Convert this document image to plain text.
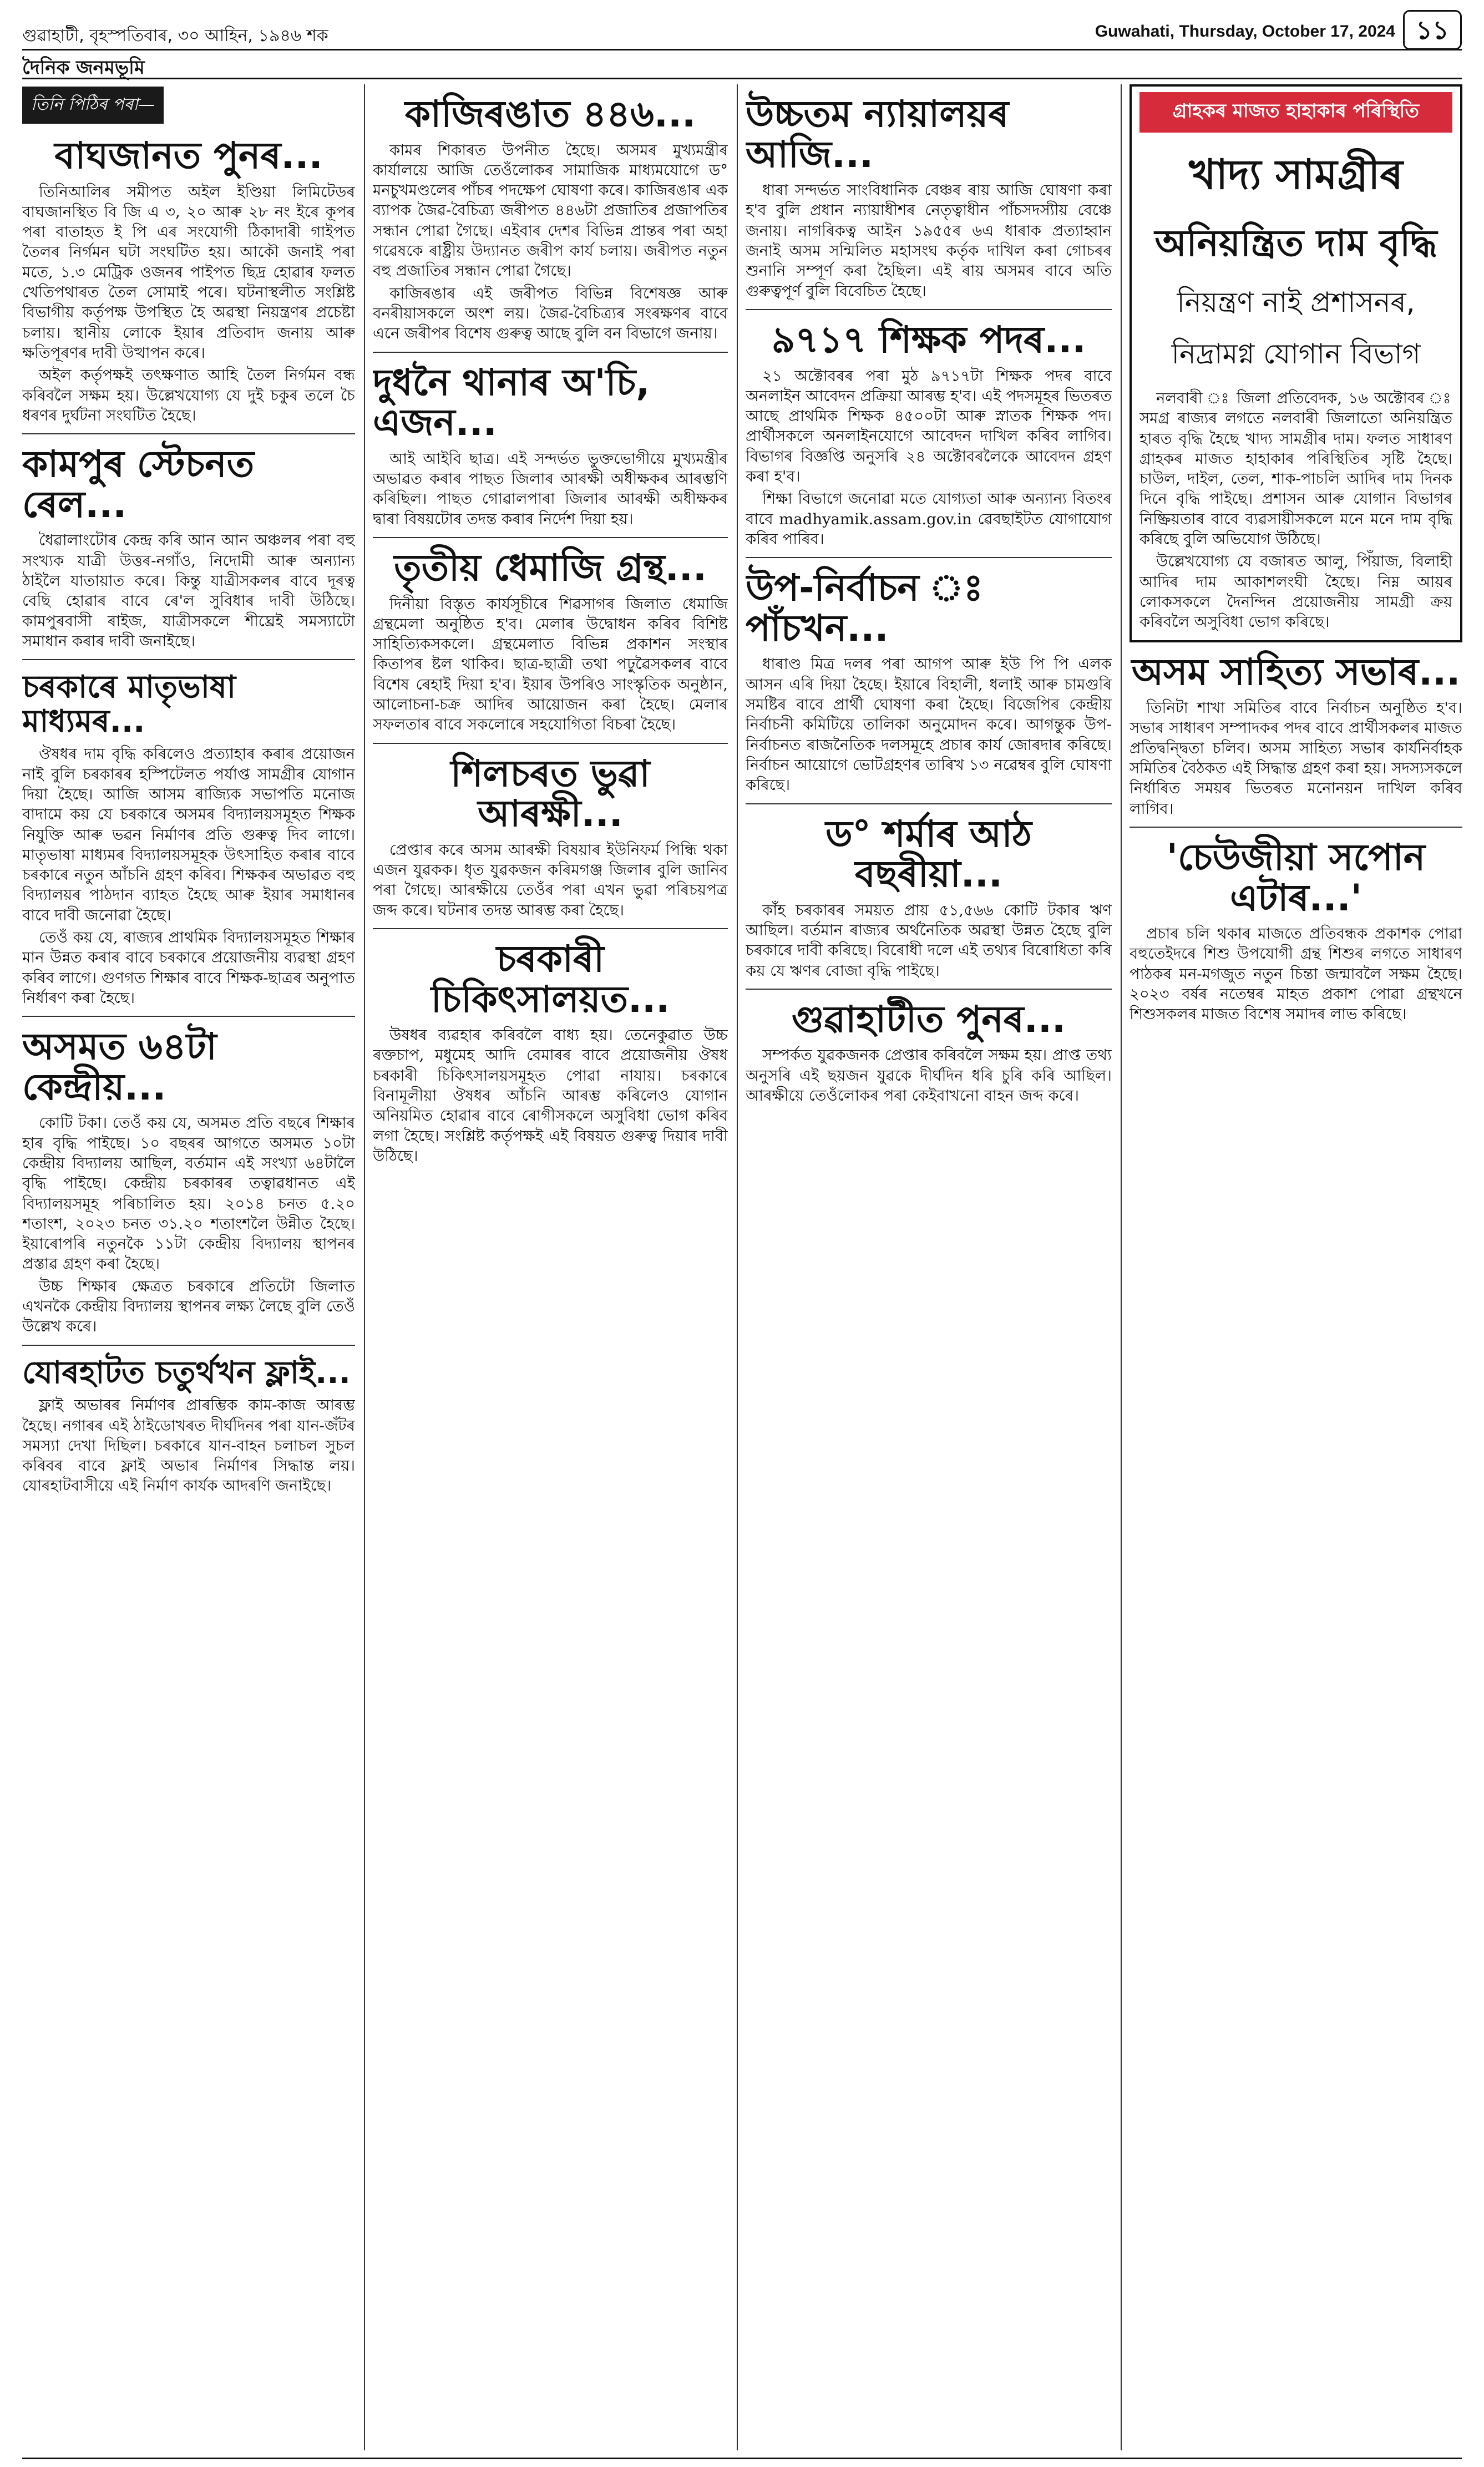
গুৱাহাটী, বৃহস্পতিবাৰ, ৩০ আহিন, ১৯৪৬ শক	Guwahati, Thursday, October 17, 2024 ১১
দৈনিক জনমভূমি
তিনি পিঠিৰ পৰা—
বাঘজানত পুনৰ...

তিনিআলিৰ সমীপত অইল ইণ্ডিয়া লিমিটেডৰ বাঘজানস্থিত বি জি এ ৩, ২০ আৰু ২৮ নং ইৰে কূপৰ পৰা বাতাহত ই পি এৰ সংযোগী ঠিকাদাৰী গাইপত তৈলৰ নিৰ্গমন ঘটা সংঘটিত হয়। আকৌ জনাই পৰা মতে, ১.৩ মেট্ৰিক ওজনৰ পাইপত ছিদ্ৰ হোৱাৰ ফলত খেতিপথাৰত তৈল সোমাই পৰে। ঘটনাস্থলীত সংশ্লিষ্ট বিভাগীয় কৰ্তৃপক্ষ উপস্থিত হৈ অৱস্থা নিয়ন্ত্ৰণৰ প্ৰচেষ্টা চলায়। স্থানীয় লোকে ইয়াৰ প্ৰতিবাদ জনায় আৰু ক্ষতিপূৰণৰ দাবী উত্থাপন কৰে।

অইল কৰ্তৃপক্ষই তৎক্ষণাত আহি তৈল নিৰ্গমন বন্ধ কৰিবলৈ সক্ষম হয়। উল্লেখযোগ্য যে দুই চকুৰ তলে চৈ ধৰণৰ দুৰ্ঘটনা সংঘটিত হৈছে।

কামপুৰ স্টেচনত ৰেল...

ধৈৱালাংটোৰ কেন্দ্ৰ কৰি আন আন অঞ্চলৰ পৰা বহু সংখ্যক যাত্ৰী উত্তৰ-নগাঁও, নিদোমী আৰু অন্যান্য ঠাইলৈ যাতায়াত কৰে। কিন্তু যাত্ৰীসকলৰ বাবে দূৰত্ব বেছি হোৱাৰ বাবে ৰে'ল সুবিধাৰ দাবী উঠিছে। কামপুৰবাসী ৰাইজ, যাত্ৰীসকলে শীঘ্ৰেই সমস্যাটো সমাধান কৰাৰ দাবী জনাইছে।

চৰকাৰে মাতৃভাষা মাধ্যমৰ...

ঔষধৰ দাম বৃদ্ধি কৰিলেও প্ৰত্যাহাৰ কৰাৰ প্ৰয়োজন নাই বুলি চৰকাৰৰ হস্পিটেলত পৰ্যাপ্ত সামগ্ৰীৰ যোগান দিয়া হৈছে। আজি আসম ৰাজ্যিক সভাপতি মনোজ বাদামে কয় যে চৰকাৰে অসমৰ বিদ্যালয়সমূহত শিক্ষক নিযুক্তি আৰু ভৱন নিৰ্মাণৰ প্ৰতি গুৰুত্ব দিব লাগে। মাতৃভাষা মাধ্যমৰ বিদ্যালয়সমূহক উৎসাহিত কৰাৰ বাবে চৰকাৰে নতুন আঁচনি গ্ৰহণ কৰিব। শিক্ষকৰ অভাৱত বহু বিদ্যালয়ৰ পাঠদান ব্যাহত হৈছে আৰু ইয়াৰ সমাধানৰ বাবে দাবী জনোৱা হৈছে।

তেওঁ কয় যে, ৰাজ্যৰ প্ৰাথমিক বিদ্যালয়সমূহত শিক্ষাৰ মান উন্নত কৰাৰ বাবে চৰকাৰে প্ৰয়োজনীয় ব্যৱস্থা গ্ৰহণ কৰিব লাগে। গুণগত শিক্ষাৰ বাবে শিক্ষক-ছাত্ৰৰ অনুপাত নিৰ্ধাৰণ কৰা হৈছে।

অসমত ৬৪টা কেন্দ্ৰীয়...

কোটি টকা। তেওঁ কয় যে, অসমত প্ৰতি বছৰে শিক্ষাৰ হাৰ বৃদ্ধি পাইছে। ১০ বছৰৰ আগতে অসমত ১০টা কেন্দ্ৰীয় বিদ্যালয় আছিল, বৰ্তমান এই সংখ্যা ৬৪টালৈ বৃদ্ধি পাইছে। কেন্দ্ৰীয় চৰকাৰৰ তত্বাৱধানত এই বিদ্যালয়সমূহ পৰিচালিত হয়। ২০১৪ চনত ৫.২০ শতাংশ, ২০২৩ চনত ৩১.২০ শতাংশলৈ উন্নীত হৈছে। ইয়াৰোপৰি নতুনকৈ ১১টা কেন্দ্ৰীয় বিদ্যালয় স্থাপনৰ প্ৰস্তাৱ গ্ৰহণ কৰা হৈছে।

উচ্চ শিক্ষাৰ ক্ষেত্ৰত চৰকাৰে প্ৰতিটো জিলাত এখনকৈ কেন্দ্ৰীয় বিদ্যালয় স্থাপনৰ লক্ষ্য লৈছে বুলি তেওঁ উল্লেখ কৰে।

যোৰহাটত চতুৰ্থখন ফ্লাই...

ফ্লাই অভাৰৰ নিৰ্মাণৰ প্ৰাৰম্ভিক কাম-কাজ আৰম্ভ হৈছে। নগাৰৰ এই ঠাইডোখৰত দীৰ্ঘদিনৰ পৰা যান-জঁটৰ সমস্যা দেখা দিছিল। চৰকাৰে যান-বাহন চলাচল সুচল কৰিবৰ বাবে ফ্লাই অভাৰ নিৰ্মাণৰ সিদ্ধান্ত লয়। যোৰহাটবাসীয়ে এই নিৰ্মাণ কাৰ্যক আদৰণি জনাইছে।

কাজিৰঙাত ৪৪৬...

কামৰ শিকাৰত উপনীত হৈছে। অসমৰ মুখ্যমন্ত্ৰীৰ কাৰ্যালয়ে আজি তেওঁলোকৰ সামাজিক মাধ্যমযোগে ড° মনচুখমণ্ডলেৰ পাঁচৰ পদক্ষেপ ঘোষণা কৰে। কাজিৰঙাৰ এক ব্যাপক জৈৱ-বৈচিত্ৰ্য জৰীপত ৪৪৬টা প্ৰজাতিৰ প্ৰজাপতিৰ সন্ধান পোৱা গৈছে। এইবাৰ দেশৰ বিভিন্ন প্ৰান্তৰ পৰা অহা গৱেষকে ৰাষ্ট্ৰীয় উদ্যানত জৰীপ কাৰ্য চলায়। জৰীপত নতুন বহু প্ৰজাতিৰ সন্ধান পোৱা গৈছে।

কাজিৰঙাৰ এই জৰীপত বিভিন্ন বিশেষজ্ঞ আৰু বনৰীয়াসকলে অংশ লয়। জৈৱ-বৈচিত্ৰ্যৰ সংৰক্ষণৰ বাবে এনে জৰীপৰ বিশেষ গুৰুত্ব আছে বুলি বন বিভাগে জনায়।

দুধনৈ থানাৰ অ'চি, এজন...

আই আইবি ছাত্ৰ। এই সন্দৰ্ভত ভুক্তভোগীয়ে মুখ্যমন্ত্ৰীৰ অভাৱত কৰাৰ পাছত জিলাৰ আৰক্ষী অধীক্ষকৰ আৰম্ভণি কৰিছিল। পাছত গোৱালপাৰা জিলাৰ আৰক্ষী অধীক্ষকৰ দ্বাৰা বিষয়টোৰ তদন্ত কৰাৰ নিৰ্দেশ দিয়া হয়।

তৃতীয় ধেমাজি গ্ৰন্থ...

দিনীয়া বিস্তৃত কাৰ্যসূচীৰে শিৱসাগৰ জিলাত ধেমাজি গ্ৰন্থমেলা অনুষ্ঠিত হ'ব। মেলাৰ উদ্বোধন কৰিব বিশিষ্ট সাহিত্যিকসকলে। গ্ৰন্থমেলাত বিভিন্ন প্ৰকাশন সংস্থাৰ কিতাপৰ ষ্টল থাকিব। ছাত্ৰ-ছাত্ৰী তথা পঢ়ুৱৈসকলৰ বাবে বিশেষ ৰেহাই দিয়া হ'ব। ইয়াৰ উপৰিও সাংস্কৃতিক অনুষ্ঠান, আলোচনা-চক্ৰ আদিৰ আয়োজন কৰা হৈছে। মেলাৰ সফলতাৰ বাবে সকলোৰে সহযোগিতা বিচৰা হৈছে।

শিলচৰত ভুৱা আৰক্ষী...

প্ৰেপ্তাৰ কৰে অসম আৰক্ষী বিষয়াৰ ইউনিফৰ্ম পিন্ধি থকা এজন যুৱকক। ধৃত যুৱকজন কৰিমগঞ্জ জিলাৰ বুলি জানিব পৰা গৈছে। আৰক্ষীয়ে তেওঁৰ পৰা এখন ভুৱা পৰিচয়পত্ৰ জব্দ কৰে। ঘটনাৰ তদন্ত আৰম্ভ কৰা হৈছে।

চৰকাৰী চিকিৎসালয়ত...

উষধৰ ব্যৱহাৰ কৰিবলৈ বাধ্য হয়। তেনেকুৱাত উচ্চ ৰক্তচাপ, মধুমেহ আদি বেমাৰৰ বাবে প্ৰয়োজনীয় ঔষধ চৰকাৰী চিকিৎসালয়সমূহত পোৱা নাযায়। চৰকাৰে বিনামূলীয়া ঔষধৰ আঁচনি আৰম্ভ কৰিলেও যোগান অনিয়মিত হোৱাৰ বাবে ৰোগীসকলে অসুবিধা ভোগ কৰিব লগা হৈছে। সংশ্লিষ্ট কৰ্তৃপক্ষই এই বিষয়ত গুৰুত্ব দিয়াৰ দাবী উঠিছে।

উচ্চতম ন্যায়ালয়ৰ আজি...

ধাৰা সন্দৰ্ভত সাংবিধানিক বেঞ্চৰ ৰায় আজি ঘোষণা কৰা হ'ব বুলি প্ৰধান ন্যায়াধীশৰ নেতৃত্বাধীন পাঁচসদস্যীয় বেঞ্চে জনায়। নাগৰিকত্ব আইন ১৯৫৫ৰ ৬এ ধাৰাক প্ৰত্যাহ্বান জনাই অসম সন্মিলিত মহাসংঘ কৰ্তৃক দাখিল কৰা গোচৰৰ শুনানি সম্পূৰ্ণ কৰা হৈছিল। এই ৰায় অসমৰ বাবে অতি গুৰুত্বপূৰ্ণ বুলি বিবেচিত হৈছে।

৯৭১৭ শিক্ষক পদৰ...

২১ অক্টোবৰৰ পৰা মুঠ ৯৭১৭টা শিক্ষক পদৰ বাবে অনলাইন আবেদন প্ৰক্ৰিয়া আৰম্ভ হ'ব। এই পদসমূহৰ ভিতৰত আছে প্ৰাথমিক শিক্ষক ৪৫০০টা আৰু স্নাতক শিক্ষক পদ। প্ৰাৰ্থীসকলে অনলাইনযোগে আবেদন দাখিল কৰিব লাগিব। বিভাগৰ বিজ্ঞপ্তি অনুসৰি ২৪ অক্টোবৰলৈকে আবেদন গ্ৰহণ কৰা হ'ব।

শিক্ষা বিভাগে জনোৱা মতে যোগ্যতা আৰু অন্যান্য বিতংৰ বাবে madhyamik.assam.gov.in ৱেবছাইটত যোগাযোগ কৰিব পাৰিব।

উপ-নিৰ্বাচন ঃ পাঁচখন...

ধাৰাণ্ড মিত্ৰ দলৰ পৰা আগপ আৰু ইউ পি পি এলক আসন এৰি দিয়া হৈছে। ইয়াৰে বিহালী, ধলাই আৰু চামগুৰি সমষ্টিৰ বাবে প্ৰাৰ্থী ঘোষণা কৰা হৈছে। বিজেপিৰ কেন্দ্ৰীয় নিৰ্বাচনী কমিটিয়ে তালিকা অনুমোদন কৰে। আগন্তুক উপ-নিৰ্বাচনত ৰাজনৈতিক দলসমূহে প্ৰচাৰ কাৰ্য জোৰদাৰ কৰিছে। নিৰ্বাচন আয়োগে ভোটগ্ৰহণৰ তাৰিখ ১৩ নৱেম্বৰ বুলি ঘোষণা কৰিছে।

ড° শৰ্মাৰ আঠ বছৰীয়া...

কাঁহ চৰকাৰৰ সময়ত প্ৰায় ৫১,৫৬৬ কোটি টকাৰ ঋণ আছিল। বৰ্তমান ৰাজ্যৰ অৰ্থনৈতিক অৱস্থা উন্নত হৈছে বুলি চৰকাৰে দাবী কৰিছে। বিৰোধী দলে এই তথ্যৰ বিৰোধিতা কৰি কয় যে ঋণৰ বোজা বৃদ্ধি পাইছে।

গুৱাহাটীত পুনৰ...

সম্পৰ্কত যুৱকজনক প্ৰেপ্তাৰ কৰিবলৈ সক্ষম হয়। প্ৰাপ্ত তথ্য অনুসৰি এই ছয়জন যুৱকে দীৰ্ঘদিন ধৰি চুৰি কৰি আছিল। আৰক্ষীয়ে তেওঁলোকৰ পৰা কেইবাখনো বাহন জব্দ কৰে।

গ্ৰাহকৰ মাজত হাহাকাৰ পৰিস্থিতি
খাদ্য সামগ্ৰীৰ
অনিয়ন্ত্ৰিত দাম বৃদ্ধি
নিয়ন্ত্ৰণ নাই প্ৰশাসনৰ,
নিদ্ৰামগ্ন যোগান বিভাগ

নলবাৰী ঃ জিলা প্ৰতিবেদক, ১৬ অক্টোবৰ ঃ সমগ্ৰ ৰাজ্যৰ লগতে নলবাৰী জিলাতো অনিয়ন্ত্ৰিত হাৰত বৃদ্ধি হৈছে খাদ্য সামগ্ৰীৰ দাম। ফলত সাধাৰণ গ্ৰাহকৰ মাজত হাহাকাৰ পৰিস্থিতিৰ সৃষ্টি হৈছে। চাউল, দাইল, তেল, শাক-পাচলি আদিৰ দাম দিনক দিনে বৃদ্ধি পাইছে। প্ৰশাসন আৰু যোগান বিভাগৰ নিষ্ক্ৰিয়তাৰ বাবে ব্যৱসায়ীসকলে মনে মনে দাম বৃদ্ধি কৰিছে বুলি অভিযোগ উঠিছে।

উল্লেখযোগ্য যে বজাৰত আলু, পিঁয়াজ, বিলাহী আদিৰ দাম আকাশলংঘী হৈছে। নিম্ন আয়ৰ লোকসকলে দৈনন্দিন প্ৰয়োজনীয় সামগ্ৰী ক্ৰয় কৰিবলৈ অসুবিধা ভোগ কৰিছে।

অসম সাহিত্য সভাৰ...

তিনিটা শাখা সমিতিৰ বাবে নিৰ্বাচন অনুষ্ঠিত হ'ব। সভাৰ সাধাৰণ সম্পাদকৰ পদৰ বাবে প্ৰাৰ্থীসকলৰ মাজত প্ৰতিদ্বন্দ্বিতা চলিব। অসম সাহিত্য সভাৰ কাৰ্যনিৰ্বাহক সমিতিৰ বৈঠকত এই সিদ্ধান্ত গ্ৰহণ কৰা হয়। সদস্যসকলে নিৰ্ধাৰিত সময়ৰ ভিতৰত মনোনয়ন দাখিল কৰিব লাগিব।

'চেউজীয়া সপোন এটাৰ...'

প্ৰচাৰ চলি থকাৰ মাজতে প্ৰতিবন্ধক প্ৰকাশক পোৱা বহুতেইদৰে শিশু উপযোগী গ্ৰন্থ শিশুৰ লগতে সাধাৰণ পাঠকৰ মন-মগজুত নতুন চিন্তা জন্মাবলৈ সক্ষম হৈছে। ২০২৩ বৰ্ষৰ নতেম্বৰ মাহত প্ৰকাশ পোৱা গ্ৰন্থখনে শিশুসকলৰ মাজত বিশেষ সমাদৰ লাভ কৰিছে।
